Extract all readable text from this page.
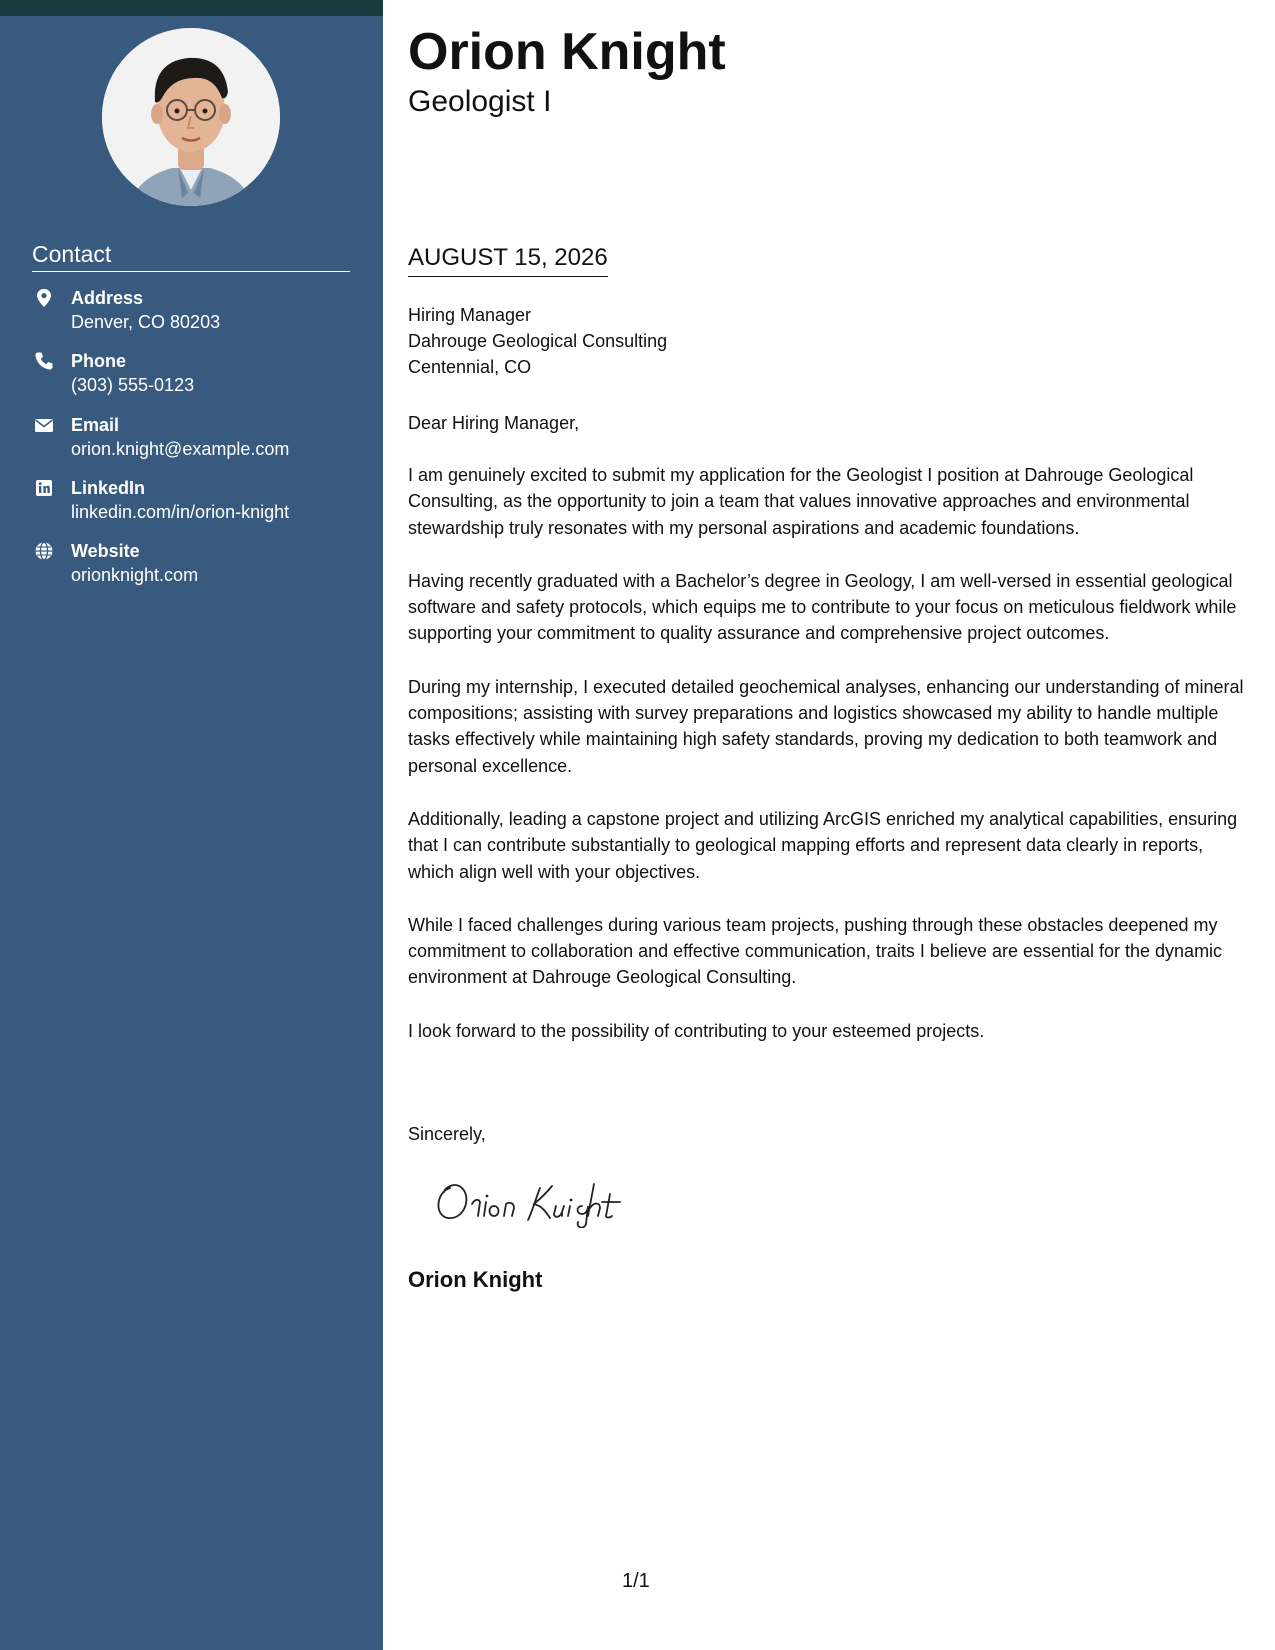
Contact
Address
Denver, CO 80203
Phone
(303) 555-0123
Email
orion.knight@example.com
LinkedIn
linkedin.com/in/orion-knight
Website
orionknight.com
Orion Knight
Geologist I
AUGUST 15, 2026
Hiring Manager
Dahrouge Geological Consulting
Centennial, CO
Dear Hiring Manager,

I am genuinely excited to submit my application for the Geologist I position at Dahrouge Geological Consulting, as the opportunity to join a team that values innovative approaches and environmental stewardship truly resonates with my personal aspirations and academic foundations.

Having recently graduated with a Bachelor’s degree in Geology, I am well-versed in essential geological software and safety protocols, which equips me to contribute to your focus on meticulous fieldwork while supporting your commitment to quality assurance and comprehensive project outcomes.

During my internship, I executed detailed geochemical analyses, enhancing our understanding of mineral compositions; assisting with survey preparations and logistics showcased my ability to handle multiple tasks effectively while maintaining high safety standards, proving my dedication to both teamwork and personal excellence.

Additionally, leading a capstone project and utilizing ArcGIS enriched my analytical capabilities, ensuring that I can contribute substantially to geological mapping efforts and represent data clearly in reports, which align well with your objectives.

While I faced challenges during various team projects, pushing through these obstacles deepened my commitment to collaboration and effective communication, traits I believe are essential for the dynamic environment at Dahrouge Geological Consulting.

I look forward to the possibility of contributing to your esteemed projects.

Sincerely,
Orion Knight
1/1
